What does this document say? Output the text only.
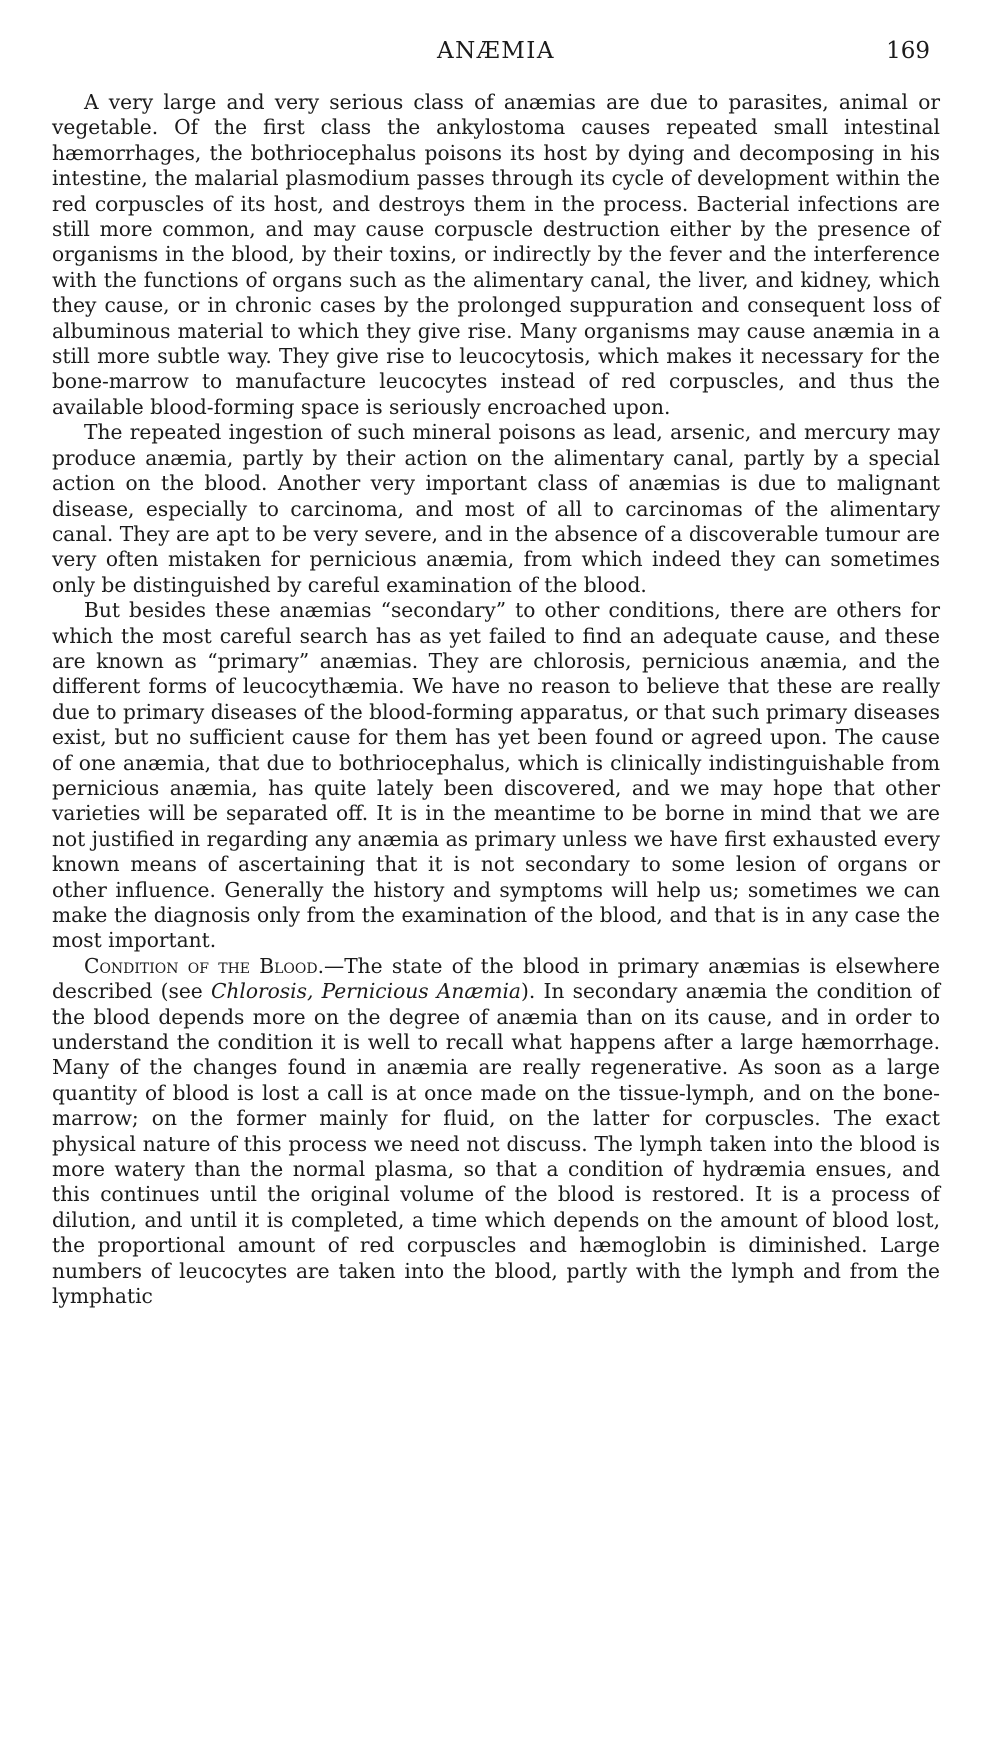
ANÆMIA	169

A very large and very serious class of anæmias are due to parasites, animal or vegetable. Of the first class the ankylostoma causes repeated small intestinal hæmorrhages, the bothriocephalus poisons its host by dying and decomposing in his intestine, the malarial plasmodium passes through its cycle of development within the red corpuscles of its host, and destroys them in the process. Bacterial infections are still more common, and may cause corpuscle destruction either by the presence of organisms in the blood, by their toxins, or indirectly by the fever and the interference with the functions of organs such as the alimentary canal, the liver, and kidney, which they cause, or in chronic cases by the prolonged suppuration and consequent loss of albuminous material to which they give rise. Many organisms may cause anæmia in a still more subtle way. They give rise to leucocytosis, which makes it necessary for the bone-marrow to manufacture leucocytes instead of red corpuscles, and thus the available blood-forming space is seriously encroached upon.

The repeated ingestion of such mineral poisons as lead, arsenic, and mercury may produce anæmia, partly by their action on the alimentary canal, partly by a special action on the blood. Another very important class of anæmias is due to malignant disease, especially to carcinoma, and most of all to carcinomas of the alimentary canal. They are apt to be very severe, and in the absence of a discoverable tumour are very often mistaken for pernicious anæmia, from which indeed they can sometimes only be distinguished by careful examination of the blood.

But besides these anæmias “secondary” to other conditions, there are others for which the most careful search has as yet failed to find an adequate cause, and these are known as “primary” anæmias. They are chlorosis, pernicious anæmia, and the different forms of leucocythæmia. We have no reason to believe that these are really due to primary diseases of the blood-forming apparatus, or that such primary diseases exist, but no sufficient cause for them has yet been found or agreed upon. The cause of one anæmia, that due to bothriocephalus, which is clinically indistinguishable from pernicious anæmia, has quite lately been discovered, and we may hope that other varieties will be separated off. It is in the meantime to be borne in mind that we are not justified in regarding any anæmia as primary unless we have first exhausted every known means of ascertaining that it is not secondary to some lesion of organs or other influence. Generally the history and symptoms will help us; sometimes we can make the diagnosis only from the examination of the blood, and that is in any case the most important.

Condition of the Blood.—The state of the blood in primary anæmias is elsewhere described (see Chlorosis, Pernicious Anæmia). In secondary anæmia the condition of the blood depends more on the degree of anæmia than on its cause, and in order to understand the condition it is well to recall what happens after a large hæmorrhage. Many of the changes found in anæmia are really regenerative. As soon as a large quantity of blood is lost a call is at once made on the tissue-lymph, and on the bone-marrow; on the former mainly for fluid, on the latter for corpuscles. The exact physical nature of this process we need not discuss. The lymph taken into the blood is more watery than the normal plasma, so that a condition of hydræmia ensues, and this continues until the original volume of the blood is restored. It is a process of dilution, and until it is completed, a time which depends on the amount of blood lost, the proportional amount of red corpuscles and hæmoglobin is diminished. Large numbers of leucocytes are taken into the blood, partly with the lymph and from the lymphatic
